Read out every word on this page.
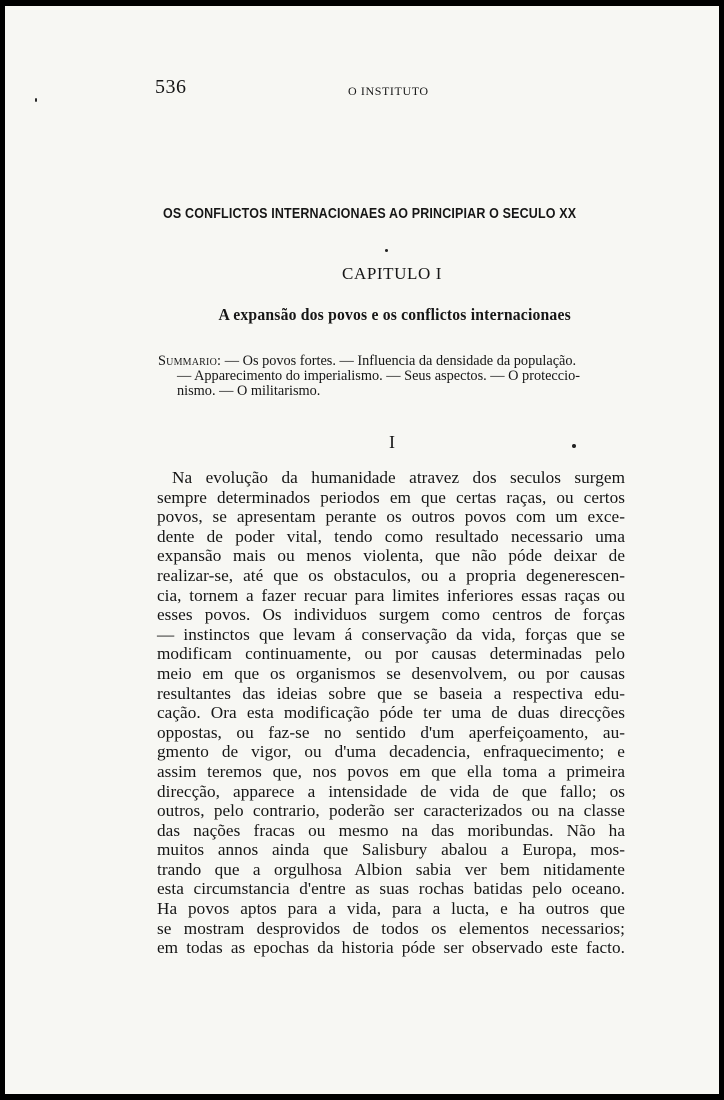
536	O INSTITUTO
OS CONFLICTOS INTERNACIONAES AO PRINCIPIAR O SECULO XX
CAPITULO I
A expansão dos povos e os conflictos internacionaes
Summario: — Os povos fortes. — Influencia da densidade da população.
— Apparecimento do imperialismo. — Seus aspectos. — O proteccio-
nismo. — O militarismo.
I
Na evolução da humanidade atravez dos seculos surgem
sempre determinados periodos em que certas raças, ou certos
povos, se apresentam perante os outros povos com um exce-
dente de poder vital, tendo como resultado necessario uma
expansão mais ou menos violenta, que não póde deixar de
realizar-se, até que os obstaculos, ou a propria degenerescen-
cia, tornem a fazer recuar para limites inferiores essas raças ou
esses povos. Os individuos surgem como centros de forças
— instinctos que levam á conservação da vida, forças que se
modificam continuamente, ou por causas determinadas pelo
meio em que os organismos se desenvolvem, ou por causas
resultantes das ideias sobre que se baseia a respectiva edu-
cação. Ora esta modificação póde ter uma de duas direcções
oppostas, ou faz-se no sentido d'um aperfeiçoamento, au-
gmento de vigor, ou d'uma decadencia, enfraquecimento; e
assim teremos que, nos povos em que ella toma a primeira
direcção, apparece a intensidade de vida de que fallo; os
outros, pelo contrario, poderão ser caracterizados ou na classe
das nações fracas ou mesmo na das moribundas. Não ha
muitos annos ainda que Salisbury abalou a Europa, mos-
trando que a orgulhosa Albion sabia ver bem nitidamente
esta circumstancia d'entre as suas rochas batidas pelo oceano.
Ha povos aptos para a vida, para a lucta, e ha outros que
se mostram desprovidos de todos os elementos necessarios;
em todas as epochas da historia póde ser observado este facto.
